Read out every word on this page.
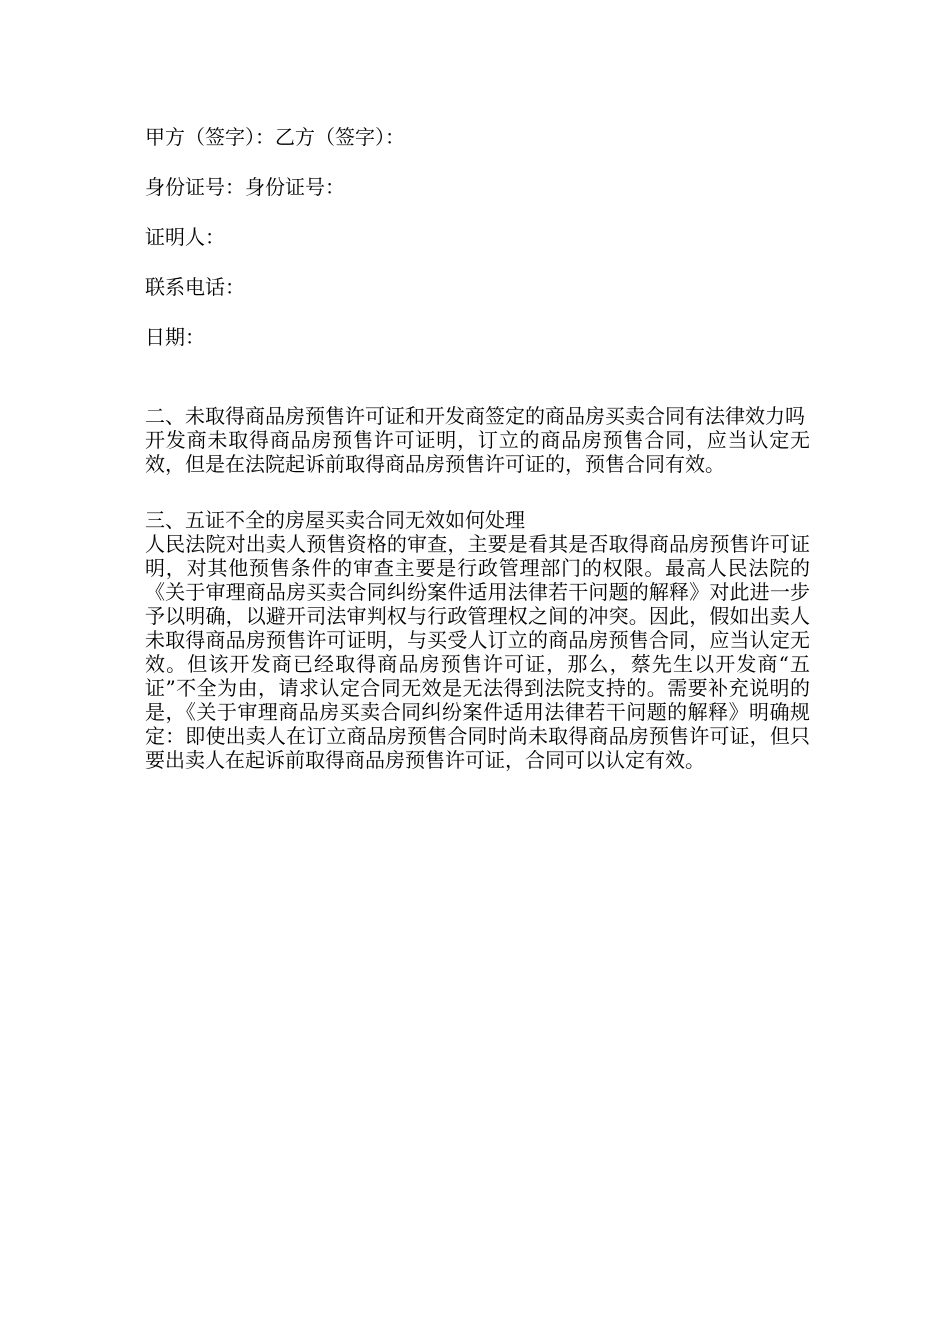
甲方（签字）：乙方（签字）：
身份证号：身份证号：
证明人：
联系电话：
日期：

二、未取得商品房预售许可证和开发商签定的商品房买卖合同有法律效力吗

开发商未取得商品房预售许可证明，订立的商品房预售合同，应当认定无效，但是在法院起诉前取得商品房预售许可证的，预售合同有效。

三、五证不全的房屋买卖合同无效如何处理

人民法院对出卖人预售资格的审查，主要是看其是否取得商品房预售许可证明，对其他预售条件的审查主要是行政管理部门的权限。最高人民法院的《关于审理商品房买卖合同纠纷案件适用法律若干问题的解释》对此进一步予以明确，以避开司法审判权与行政管理权之间的冲突。因此，假如出卖人未取得商品房预售许可证明，与买受人订立的商品房预售合同，应当认定无效。但该开发商已经取得商品房预售许可证，那么，蔡先生以开发商“五证”不全为由，请求认定合同无效是无法得到法院支持的。需要补充说明的是，《关于审理商品房买卖合同纠纷案件适用法律若干问题的解释》明确规定：即使出卖人在订立商品房预售合同时尚未取得商品房预售许可证，但只要出卖人在起诉前取得商品房预售许可证，合同可以认定有效。
